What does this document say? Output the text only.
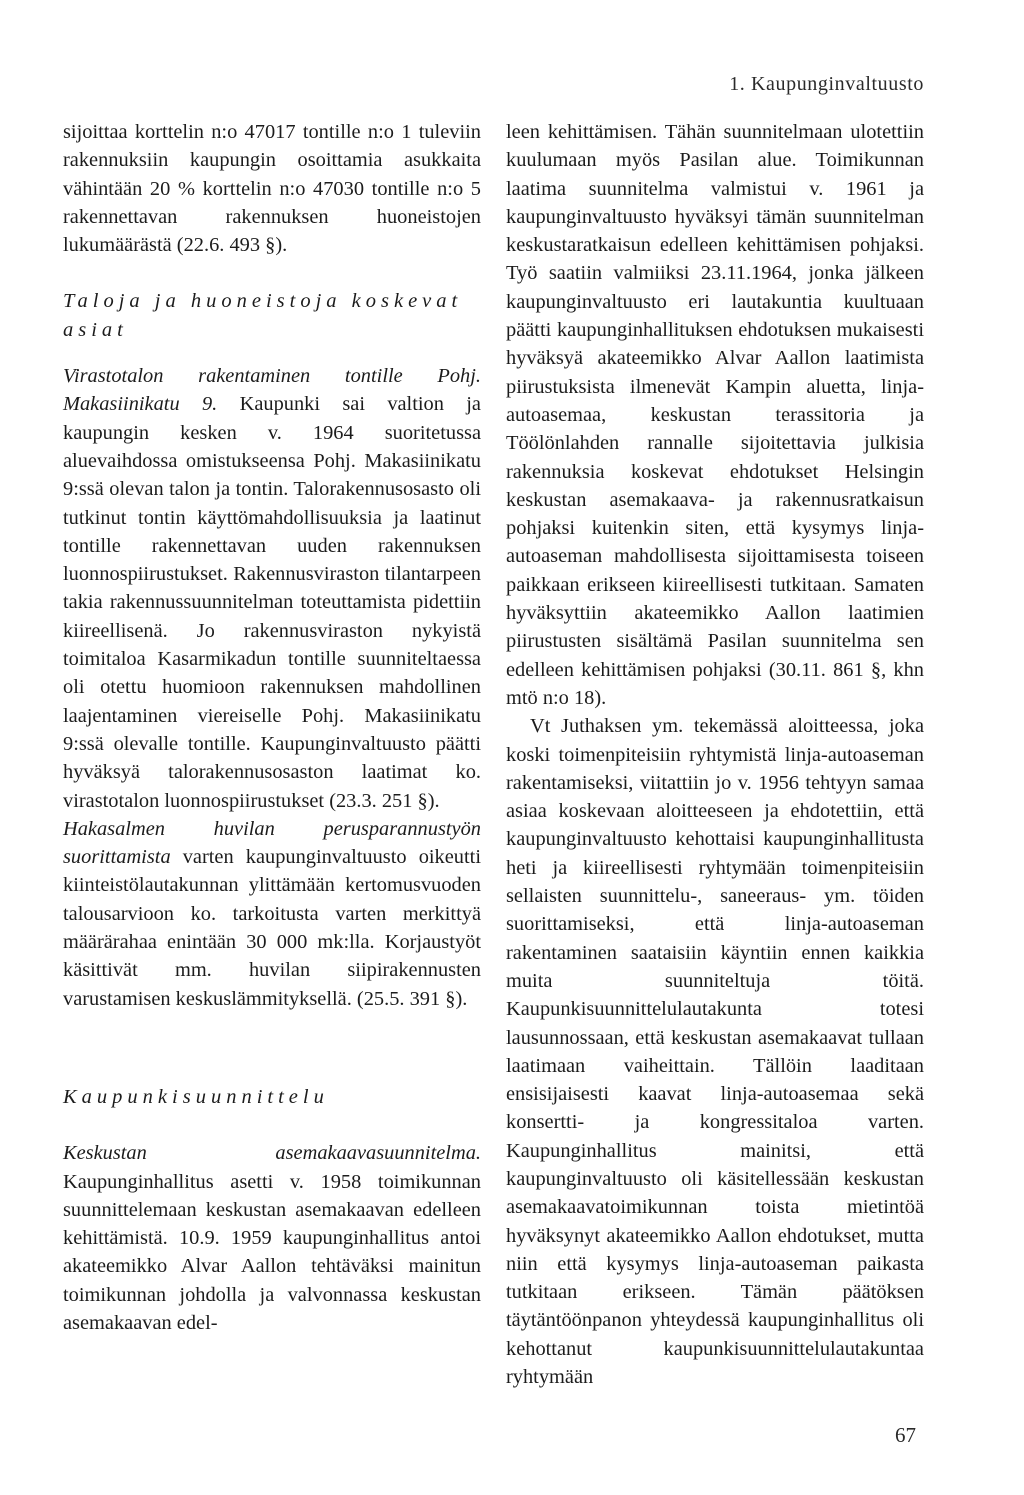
1. Kaupunginvaltuusto

sijoittaa korttelin n:o 47017 tontille n:o 1 tuleviin rakennuksiin kaupungin osoittamia asukkaita vähintään 20 % korttelin n:o 47030 tontille n:o 5 rakennettavan rakennuksen huoneistojen lukumäärästä (22.6. 493 §).

Taloja ja huoneistoja koskevat
asiat

Virastotalon rakentaminen tontille Pohj. Makasiinikatu 9. Kaupunki sai valtion ja kaupungin kesken v. 1964 suoritetussa aluevaihdossa omistukseensa Pohj. Makasiinikatu 9:ssä olevan talon ja tontin. Talorakennusosasto oli tutkinut tontin käyttömahdollisuuksia ja laatinut tontille rakennettavan uuden rakennuksen luonnospiirustukset. Rakennusviraston tilantarpeen takia rakennussuunnitelman toteuttamista pidettiin kiireellisenä. Jo rakennusviraston nykyistä toimitaloa Kasarmikadun tontille suunniteltaessa oli otettu huomioon rakennuksen mahdollinen laajentaminen viereiselle Pohj. Makasiinikatu 9:ssä olevalle tontille. Kaupunginvaltuusto päätti hyväksyä talorakennusosaston laatimat ko. virastotalon luonnospiirustukset (23.3. 251 §).

Hakasalmen huvilan perusparannustyön suorittamista varten kaupunginvaltuusto oikeutti kiinteistölautakunnan ylittämään kertomusvuoden talousarvioon ko. tarkoitusta varten merkittyä määrärahaa enintään 30 000 mk:lla. Korjaustyöt käsittivät mm. huvilan siipirakennusten varustamisen keskuslämmityksellä. (25.5. 391 §).

Kaupunkisuunnittelu

Keskustan asemakaavasuunnitelma. Kaupunginhallitus asetti v. 1958 toimikunnan suunnittelemaan keskustan asemakaavan edelleen kehittämistä. 10.9. 1959 kaupunginhallitus antoi akateemikko Alvar Aallon tehtäväksi mainitun toimikunnan johdolla ja valvonnassa keskustan asemakaavan edel-

leen kehittämisen. Tähän suunnitelmaan ulotettiin kuulumaan myös Pasilan alue. Toimikunnan laatima suunnitelma valmistui v. 1961 ja kaupunginvaltuusto hyväksyi tämän suunnitelman keskustaratkaisun edelleen kehittämisen pohjaksi. Työ saatiin valmiiksi 23.11.1964, jonka jälkeen kaupunginvaltuusto eri lautakuntia kuultuaan päätti kaupunginhallituksen ehdotuksen mukaisesti hyväksyä akateemikko Alvar Aallon laatimista piirustuksista ilmenevät Kampin aluetta, linja-autoasemaa, keskustan terassitoria ja Töölönlahden rannalle sijoitettavia julkisia rakennuksia koskevat ehdotukset Helsingin keskustan asemakaava- ja rakennusratkaisun pohjaksi kuitenkin siten, että kysymys linja-autoaseman mahdollisesta sijoittamisesta toiseen paikkaan erikseen kiireellisesti tutkitaan. Samaten hyväksyttiin akateemikko Aallon laatimien piirustusten sisältämä Pasilan suunnitelma sen edelleen kehittämisen pohjaksi (30.11. 861 §, khn mtö n:o 18).

Vt Juthaksen ym. tekemässä aloitteessa, joka koski toimenpiteisiin ryhtymistä linja-autoaseman rakentamiseksi, viitattiin jo v. 1956 tehtyyn samaa asiaa koskevaan aloitteeseen ja ehdotettiin, että kaupunginvaltuusto kehottaisi kaupunginhallitusta heti ja kiireellisesti ryhtymään toimenpiteisiin sellaisten suunnittelu-, saneeraus- ym. töiden suorittamiseksi, että linja-autoaseman rakentaminen saataisiin käyntiin ennen kaikkia muita suunniteltuja töitä. Kaupunkisuunnittelulautakunta totesi lausunnossaan, että keskustan asemakaavat tullaan laatimaan vaiheittain. Tällöin laaditaan ensisijaisesti kaavat linja-autoasemaa sekä konsertti- ja kongressitaloa varten. Kaupunginhallitus mainitsi, että kaupunginvaltuusto oli käsitellessään keskustan asemakaavatoimikunnan toista mietintöä hyväksynyt akateemikko Aallon ehdotukset, mutta niin että kysymys linja-autoaseman paikasta tutkitaan erikseen. Tämän päätöksen täytäntöönpanon yhteydessä kaupunginhallitus oli kehottanut kaupunkisuunnittelulautakuntaa ryhtymään

67
